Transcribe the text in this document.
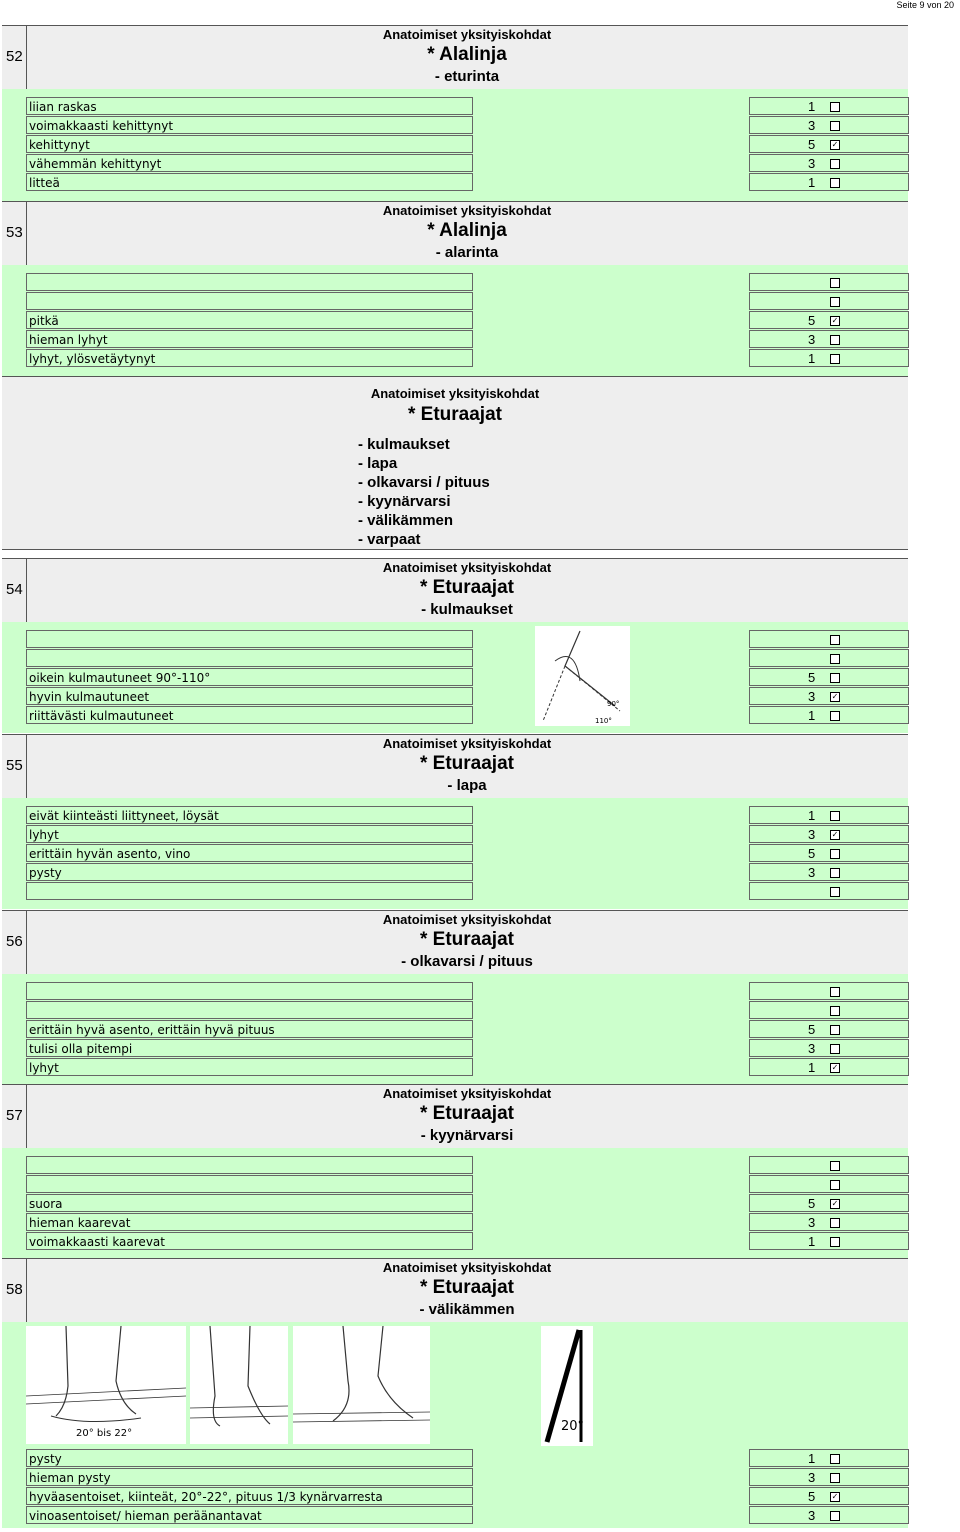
Seite 9 von 20
52
Anatoimiset yksityiskohdat
* Alalinja
- eturinta
liian raskas	1
voimakkaasti kehittynyt	3
kehittynyt	5 ✓
vähemmän kehittynyt	3
litteä	1
53
Anatoimiset yksityiskohdat
* Alalinja
- alarinta
pitkä	5 ✓
hieman lyhyt	3
lyhyt, ylösvetäytynyt	1
Anatoimiset yksityiskohdat
* Eturaajat
- kulmaukset
- lapa
- olkavarsi / pituus
- kyynärvarsi
- välikämmen
- varpaat
54
Anatoimiset yksityiskohdat
* Eturaajat
- kulmaukset
oikein kulmautuneet 90°-110°	5
hyvin kulmautuneet	3 ✓
riittävästi kulmautuneet	1
90°
110°
55
Anatoimiset yksityiskohdat
* Eturaajat
- lapa
eivät kiinteästi liittyneet, löysät	1
lyhyt	3 ✓
erittäin hyvän asento, vino	5
pysty	3
56
Anatoimiset yksityiskohdat
* Eturaajat
- olkavarsi / pituus
erittäin hyvä asento, erittäin hyvä pituus	5
tulisi olla pitempi	3
lyhyt	1 ✓
57
Anatoimiset yksityiskohdat
* Eturaajat
- kyynärvarsi
suora	5 ✓
hieman kaarevat	3
voimakkaasti kaarevat	1
58
Anatoimiset yksityiskohdat
* Eturaajat
- välikämmen
20° bis 22°	20°
pysty	1
hieman pysty	3
hyväasentoiset, kiinteät, 20°-22°, pituus 1/3 kynärvarresta	5 ✓
vinoasentoiset/ hieman peräänantavat	3
